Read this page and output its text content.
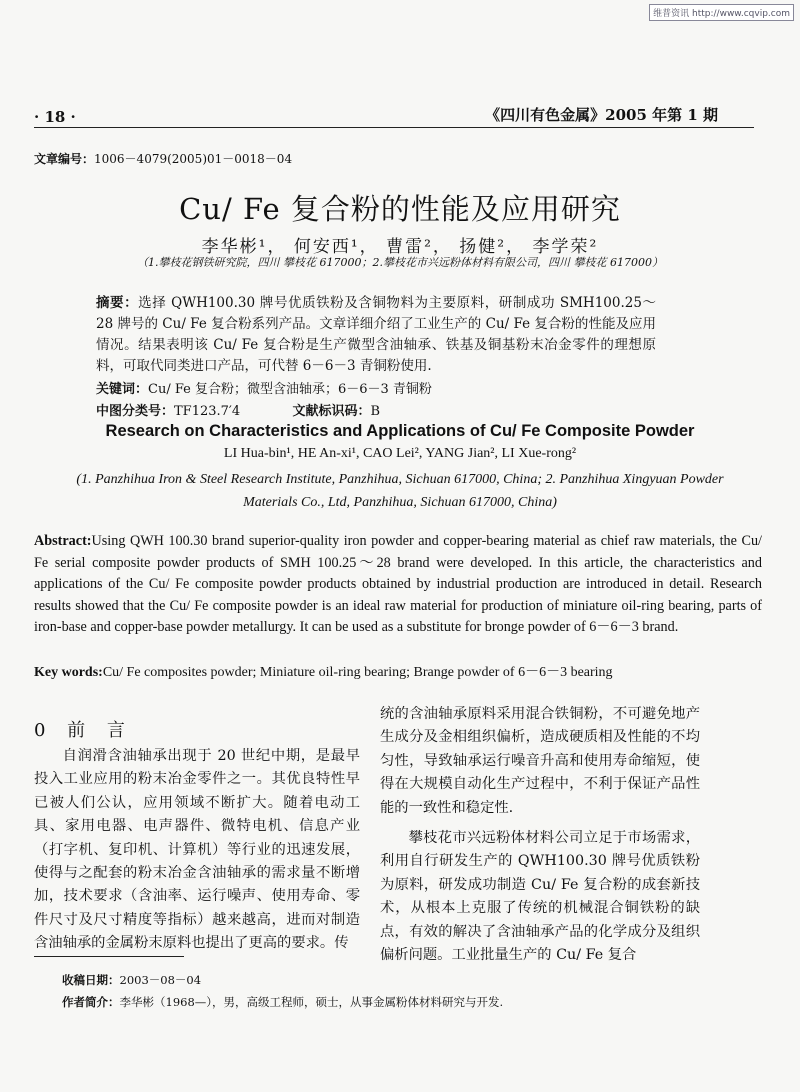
维普资讯 http://www.cqvip.com
· 18 ·	《四川有色金属》2005 年第 1 期
文章编号：1006－4079(2005)01－0018－04
Cu/ Fe 复合粉的性能及应用研究
李华彬¹， 何安西¹， 曹雷²， 扬健²， 李学荣²
（1.攀枝花钢铁研究院，四川 攀枝花 617000；2.攀枝花市兴远粉体材料有限公司，四川 攀枝花 617000）
摘要：选择 QWH100.30 牌号优质铁粉及含铜物料为主要原料，研制成功 SMH100.25～28 牌号的 Cu/ Fe 复合粉系列产品。文章详细介绍了工业生产的 Cu/ Fe 复合粉的性能及应用情况。结果表明该 Cu/ Fe 复合粉是生产微型含油轴承、铁基及铜基粉末冶金零件的理想原料，可取代同类进口产品，可代替 6－6－3 青铜粉使用.
关键词：Cu/ Fe 复合粉；微型含油轴承；6－6－3 青铜粉
中图分类号：TF123.7′4	文献标识码：B
Research on Characteristics and Applications of Cu/ Fe Composite Powder
LI Hua-bin¹, HE An-xi¹, CAO Lei², YANG Jian², LI Xue-rong²
(1. Panzhihua Iron & Steel Research Institute, Panzhihua, Sichuan 617000, China; 2. Panzhihua Xingyuan Powder Materials Co., Ltd, Panzhihua, Sichuan 617000, China)
Abstract:Using QWH 100.30 brand superior-quality iron powder and copper-bearing material as chief raw materials, the Cu/ Fe serial composite powder products of SMH 100.25～28 brand were developed. In this article, the characteristics and applications of the Cu/ Fe composite powder products obtained by industrial production are introduced in detail. Research results showed that the Cu/ Fe composite powder is an ideal raw material for production of miniature oil-ring bearing, parts of iron-base and copper-base powder metallurgy. It can be used as a substitute for bronge powder of 6－6－3 brand.
Key words:Cu/ Fe composites powder; Miniature oil-ring bearing; Brange powder of 6－6－3 bearing
0 前 言

自润滑含油轴承出现于 20 世纪中期，是最早投入工业应用的粉末冶金零件之一。其优良特性早已被人们公认，应用领域不断扩大。随着电动工具、家用电器、电声器件、微特电机、信息产业（打字机、复印机、计算机）等行业的迅速发展，使得与之配套的粉末冶金含油轴承的需求量不断增加，技术要求（含油率、运行噪声、使用寿命、零件尺寸及尺寸精度等指标）越来越高，进而对制造含油轴承的金属粉末原料也提出了更高的要求。传

统的含油轴承原料采用混合铁铜粉，不可避免地产生成分及金相组织偏析，造成硬质相及性能的不均匀性，导致轴承运行噪音升高和使用寿命缩短，使得在大规模自动化生产过程中，不利于保证产品性能的一致性和稳定性.

攀枝花市兴远粉体材料公司立足于市场需求，利用自行研发生产的 QWH100.30 牌号优质铁粉为原料，研发成功制造 Cu/ Fe 复合粉的成套新技术，从根本上克服了传统的机械混合铜铁粉的缺点，有效的解决了含油轴承产品的化学成分及组织偏析问题。工业批量生产的 Cu/ Fe 复合

收稿日期：2003－08－04
作者简介：李华彬（1968—），男，高级工程师，硕士，从事金属粉体材料研究与开发.
